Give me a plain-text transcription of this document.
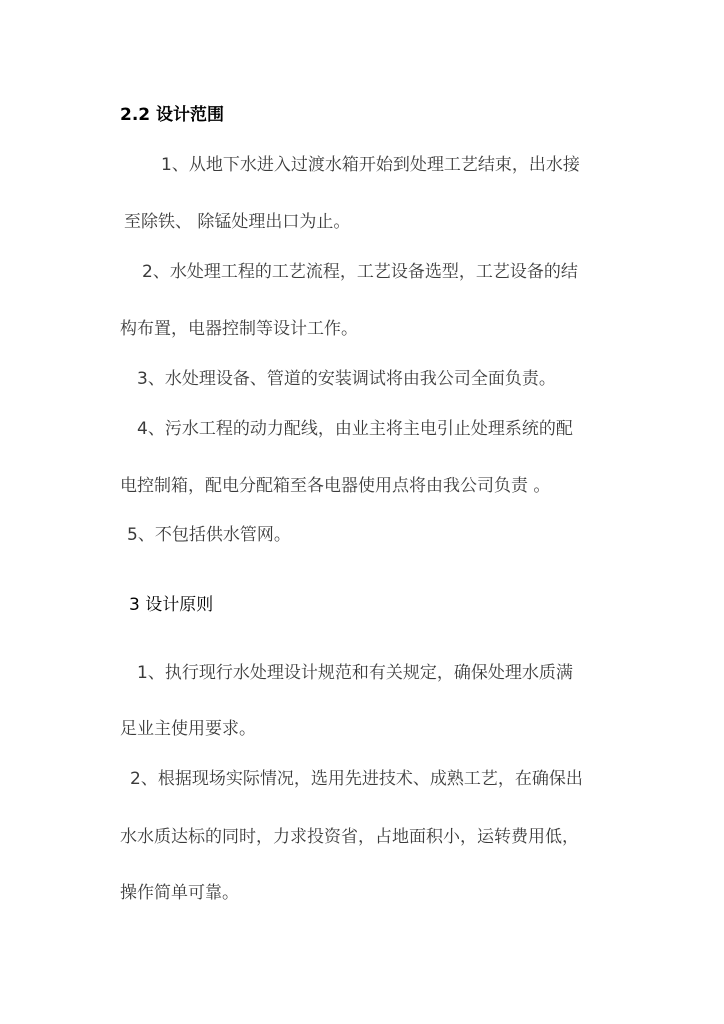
2.2 设计范围
1、从地下水进入过渡水箱开始到处理工艺结束，出水接
至除铁、 除锰处理出口为止。
2、水处理工程的工艺流程，工艺设备选型，工艺设备的结
构布置，电器控制等设计工作。
3、水处理设备、管道的安装调试将由我公司全面负责。
4、污水工程的动力配线，由业主将主电引止处理系统的配
电控制箱，配电分配箱至各电器使用点将由我公司负责 。
5、不包括供水管网。
3 设计原则
1、执行现行水处理设计规范和有关规定，确保处理水质满
足业主使用要求。
2、根据现场实际情况，选用先进技术、成熟工艺，在确保出
水水质达标的同时，力求投资省，占地面积小，运转费用低，
操作简单可靠。
